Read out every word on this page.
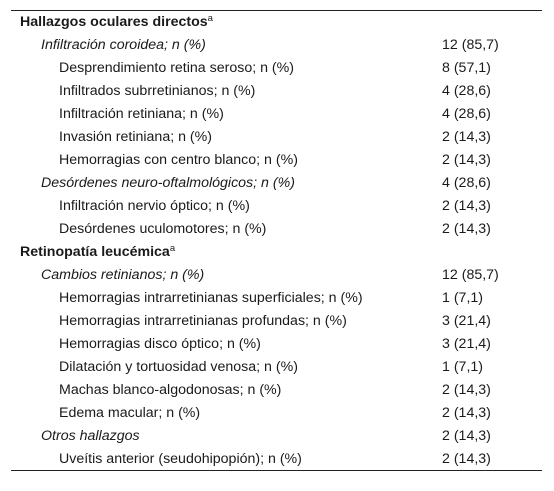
Hallazgos oculares directos$^a$	
Infiltración coroidea; n (%)	12 (85,7)
Desprendimiento retina seroso; n (%)	8 (57,1)
Infiltrados subrretinianos; n (%)	4 (28,6)
Infiltración retiniana; n (%)	4 (28,6)
Invasión retiniana; n (%)	2 (14,3)
Hemorragias con centro blanco; n (%)	2 (14,3)
Desórdenes neuro-oftalmológicos; n (%)	4 (28,6)
Infiltración nervio óptico; n (%)	2 (14,3)
Desórdenes uculomotores; n (%)	2 (14,3)
Retinopatía leucémica$^a$	
Cambios retinianos; n (%)	12 (85,7)
Hemorragias intrarretinianas superficiales; n (%)	1 (7,1)
Hemorragias intrarretinianas profundas; n (%)	3 (21,4)
Hemorragias disco óptico; n (%)	3 (21,4)
Dilatación y tortuosidad venosa; n (%)	1 (7,1)
Machas blanco-algodonosas; n (%)	2 (14,3)
Edema macular; n (%)	2 (14,3)
Otros hallazgos	2 (14,3)
Uveítis anterior (seudohipopión); n (%)	2 (14,3)
